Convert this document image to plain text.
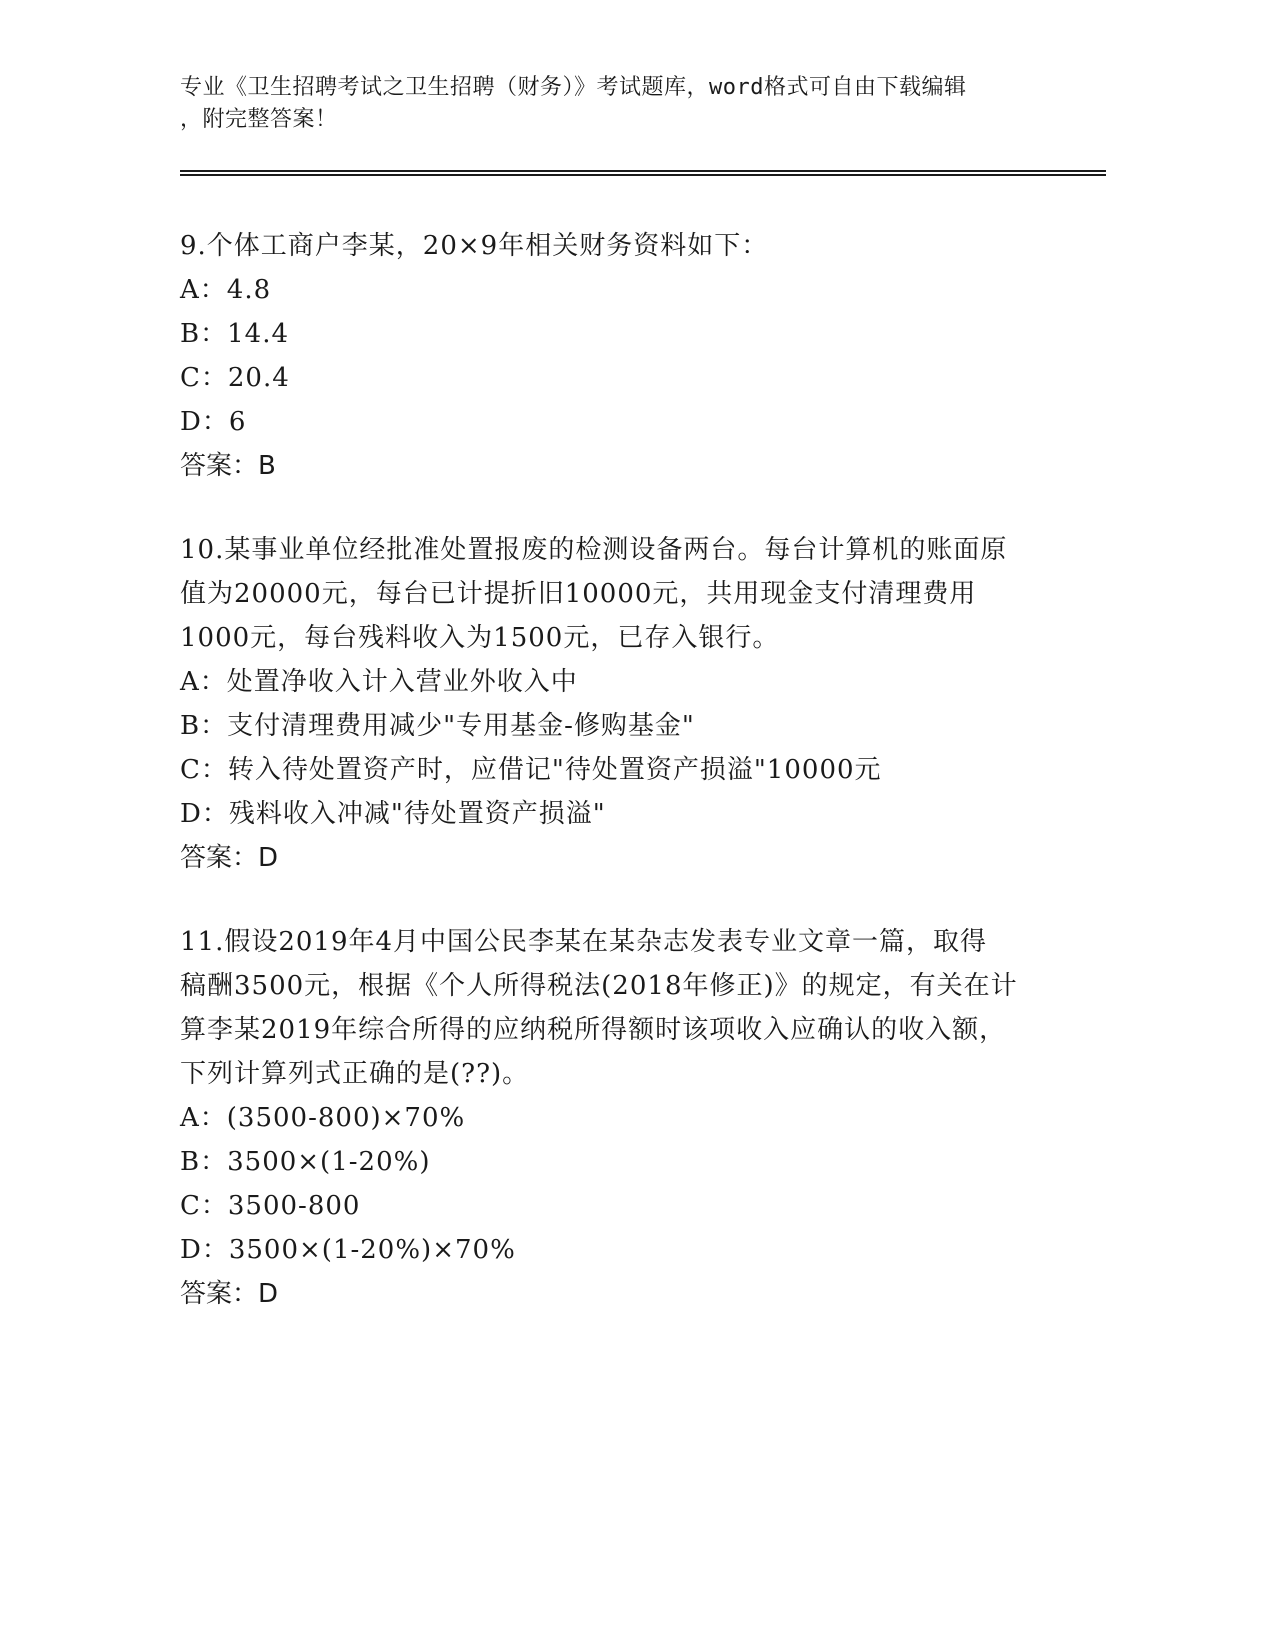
专业《卫生招聘考试之卫生招聘（财务）》考试题库，word格式可自由下载编辑
，附完整答案！
9.个体工商户李某，20×9年相关财务资料如下：
A：4.8
B：14.4
C：20.4
D：6
答案：B
10.某事业单位经批准处置报废的检测设备两台。每台计算机的账面原
值为20000元，每台已计提折旧10000元，共用现金支付清理费用
1000元，每台残料收入为1500元，已存入银行。
A：处置净收入计入营业外收入中
B：支付清理费用减少"专用基金-修购基金"
C：转入待处置资产时，应借记"待处置资产损溢"10000元
D：残料收入冲减"待处置资产损溢"
答案：D
11.假设2019年4月中国公民李某在某杂志发表专业文章一篇，取得
稿酬3500元，根据《个人所得税法(2018年修正)》的规定，有关在计
算李某2019年综合所得的应纳税所得额时该项收入应确认的收入额，
下列计算列式正确的是(??)。
A：(3500-800)×70%
B：3500×(1-20%)
C：3500-800
D：3500×(1-20%)×70%
答案：D
